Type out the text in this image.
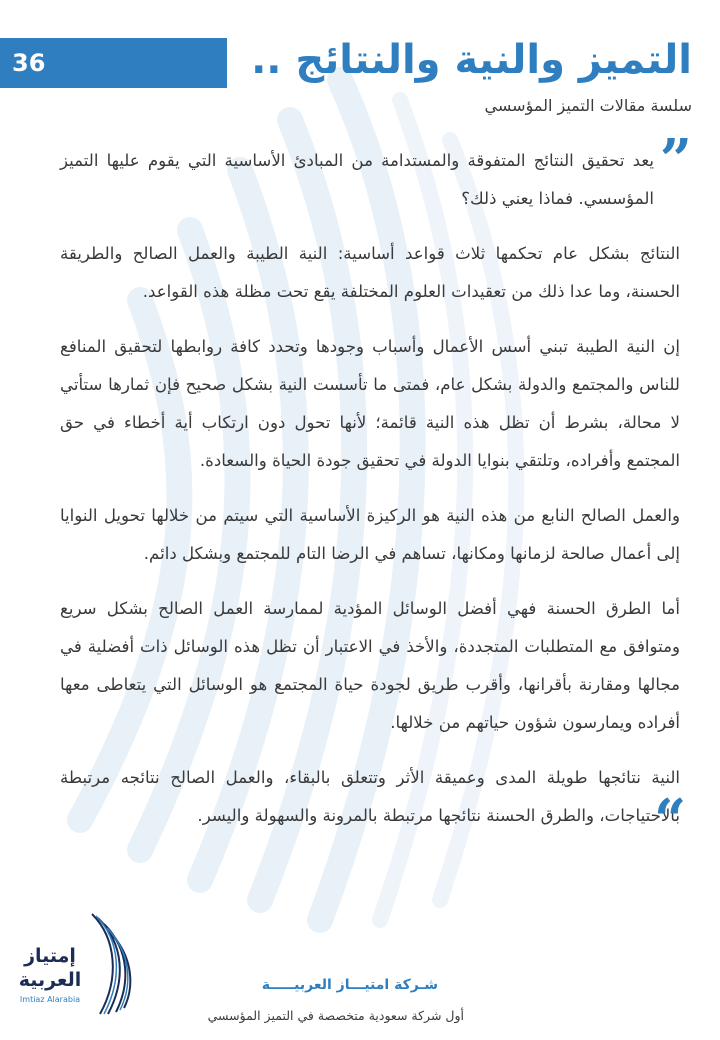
36	التميز والنية والنتائج ..
سلسة مقالات التميز المؤسسي
”

يعد تحقيق النتائج المتفوقة والمستدامة من المبادئ الأساسية التي يقوم عليها التميز المؤسسي. فماذا يعني ذلك؟

النتائج بشكل عام تحكمها ثلاث قواعد أساسية: النية الطيبة والعمل الصالح والطريقة الحسنة، وما عدا ذلك من تعقيدات العلوم المختلفة يقع تحت مظلة هذه القواعد.

إن النية الطيبة تبني أسس الأعمال وأسباب وجودها وتحدد كافة روابطها لتحقيق المنافع للناس والمجتمع والدولة بشكل عام، فمتى ما تأسست النية بشكل صحيح فإن ثمارها ستأتي لا محالة، بشرط أن تظل هذه النية قائمة؛ لأنها تحول دون ارتكاب أية أخطاء في حق المجتمع وأفراده، وتلتقي بنوايا الدولة في تحقيق جودة الحياة والسعادة.

والعمل الصالح النابع من هذه النية هو الركيزة الأساسية التي سيتم من خلالها تحويل النوايا إلى أعمال صالحة لزمانها ومكانها، تساهم في الرضا التام للمجتمع وبشكل دائم.

أما الطرق الحسنة فهي أفضل الوسائل المؤدية لممارسة العمل الصالح بشكل سريع ومتوافق مع المتطلبات المتجددة، والأخذ في الاعتبار أن تظل هذه الوسائل ذات أفضلية في مجالها ومقارنة بأقرانها، وأقرب طريق لجودة حياة المجتمع هو الوسائل التي يتعاطى معها أفراده ويمارسون شؤون حياتهم من خلالها.

النية نتائجها طويلة المدى وعميقة الأثر وتتعلق بالبقاء، والعمل الصالح نتائجه مرتبطة بالاحتياجات، والطرق الحسنة نتائجها مرتبطة بالمرونة والسهولة واليسر.

“
إمتياز
العربية
Imtiaz Alarabia
شـركة امتيـــاز العربيـــــة
أول شركة سعودية متخصصة في التميز المؤسسي
